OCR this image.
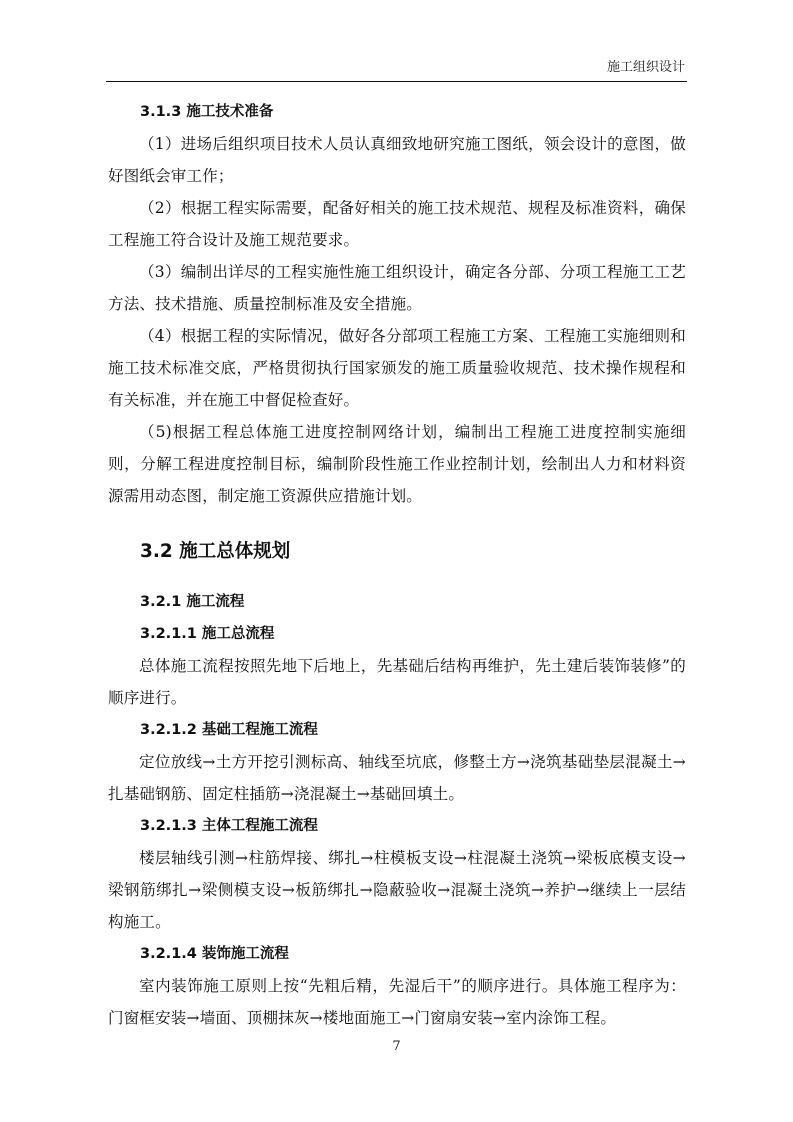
施工组织设计
3.1.3 施工技术准备

（1）进场后组织项目技术人员认真细致地研究施工图纸，领会设计的意图，做好图纸会审工作；

（2）根据工程实际需要，配备好相关的施工技术规范、规程及标准资料，确保工程施工符合设计及施工规范要求。

（3）编制出详尽的工程实施性施工组织设计，确定各分部、分项工程施工工艺方法、技术措施、质量控制标准及安全措施。

（4）根据工程的实际情况，做好各分部项工程施工方案、工程施工实施细则和施工技术标准交底，严格贯彻执行国家颁发的施工质量验收规范、技术操作规程和有关标准，并在施工中督促检查好。

（5)根据工程总体施工进度控制网络计划，编制出工程施工进度控制实施细则，分解工程进度控制目标，编制阶段性施工作业控制计划，绘制出人力和材料资源需用动态图，制定施工资源供应措施计划。

3.2 施工总体规划
3.2.1 施工流程
3.2.1.1 施工总流程

总体施工流程按照先地下后地上，先基础后结构再维护，先土建后装饰装修”的顺序进行。

3.2.1.2 基础工程施工流程

定位放线→土方开挖引测标高、轴线至坑底，修整土方→浇筑基础垫层混凝土→扎基础钢筋、固定柱插筋→浇混凝土→基础回填土。

3.2.1.3 主体工程施工流程

楼层轴线引测→柱筋焊接、绑扎→柱模板支设→柱混凝土浇筑→梁板底模支设→梁钢筋绑扎→梁侧模支设→板筋绑扎→隐蔽验收→混凝土浇筑→养护→继续上一层结构施工。

3.2.1.4 装饰施工流程

室内装饰施工原则上按“先粗后精，先湿后干”的顺序进行。具体施工程序为：门窗框安装→墙面、顶棚抹灰→楼地面施工→门窗扇安装→室内涂饰工程。

7
